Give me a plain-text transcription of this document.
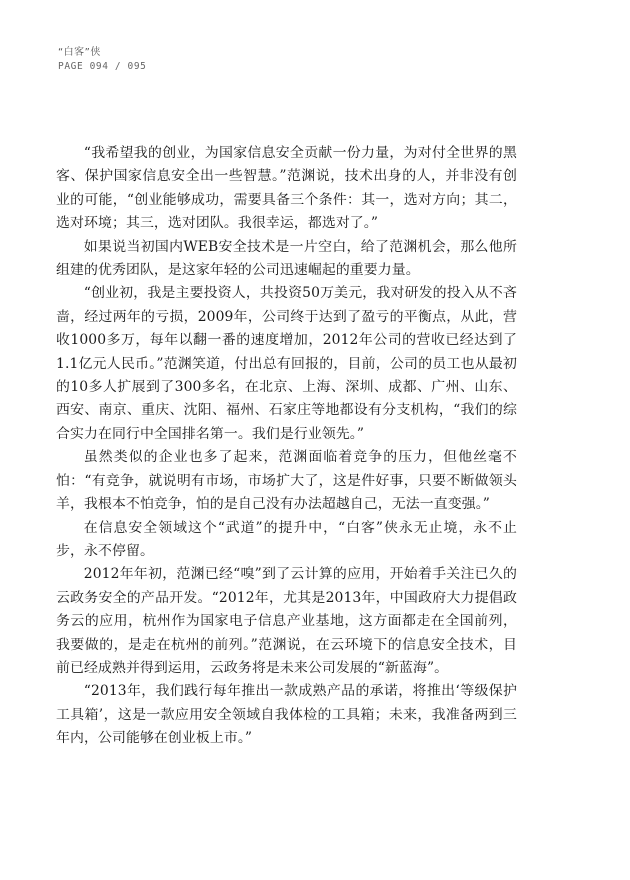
“白客”侠
PAGE 094 / 095

“我希望我的创业，为国家信息安全贡献一份力量，为对付全世界的黑客、保护国家信息安全出一些智慧。”范渊说，技术出身的人，并非没有创业的可能，“创业能够成功，需要具备三个条件：其一，选对方向；其二，选对环境；其三，选对团队。我很幸运，都选对了。”

如果说当初国内WEB安全技术是一片空白，给了范渊机会，那么他所组建的优秀团队，是这家年轻的公司迅速崛起的重要力量。

“创业初，我是主要投资人，共投资50万美元，我对研发的投入从不吝啬，经过两年的亏损，2009年，公司终于达到了盈亏的平衡点，从此，营收1000多万，每年以翻一番的速度增加，2012年公司的营收已经达到了1.1亿元人民币。”范渊笑道，付出总有回报的，目前，公司的员工也从最初的10多人扩展到了300多名，在北京、上海、深圳、成都、广州、山东、西安、南京、重庆、沈阳、福州、石家庄等地都设有分支机构，“我们的综合实力在同行中全国排名第一。我们是行业领先。”

虽然类似的企业也多了起来，范渊面临着竞争的压力，但他丝毫不怕：“有竞争，就说明有市场，市场扩大了，这是件好事，只要不断做领头羊，我根本不怕竞争，怕的是自己没有办法超越自己，无法一直变强。”

在信息安全领域这个“武道”的提升中，“白客”侠永无止境，永不止步，永不停留。

2012年年初，范渊已经“嗅”到了云计算的应用，开始着手关注已久的云政务安全的产品开发。“2012年，尤其是2013年，中国政府大力提倡政务云的应用，杭州作为国家电子信息产业基地，这方面都走在全国前列，我要做的，是走在杭州的前列。”范渊说，在云环境下的信息安全技术，目前已经成熟并得到运用，云政务将是未来公司发展的“新蓝海”。

“2013年，我们践行每年推出一款成熟产品的承诺，将推出‘等级保护工具箱’，这是一款应用安全领域自我体检的工具箱；未来，我准备两到三年内，公司能够在创业板上市。”
